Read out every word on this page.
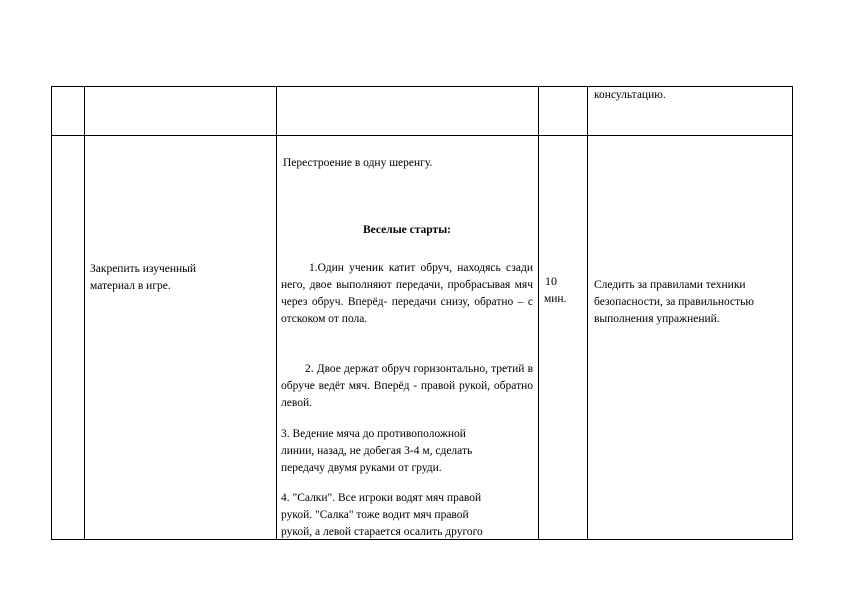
консультацию.
Закрепить изученный
материал в игре.
Перестроение в одну шеренгу.
Веселые старты:
1.Один ученик катит обруч, находясь сзади него, двое выполняют передачи, пробрасывая мяч через обруч. Вперёд- передачи снизу, обратно – с отскоком от пола.
2. Двое держат обруч горизонтально, третий в обруче ведёт мяч. Вперёд - правой рукой, обратно левой.
3. Ведение мяча до противоположной
линии, назад, не добегая 3-4 м, сделать
передачу двумя руками от груди.
4. "Салки". Все игроки водят мяч правой
рукой. "Салка" тоже водит мяч правой
рукой, а левой старается осалить другого
10
мин.
Следить за правилами техники
безопасности, за правильностью
выполнения упражнений.
